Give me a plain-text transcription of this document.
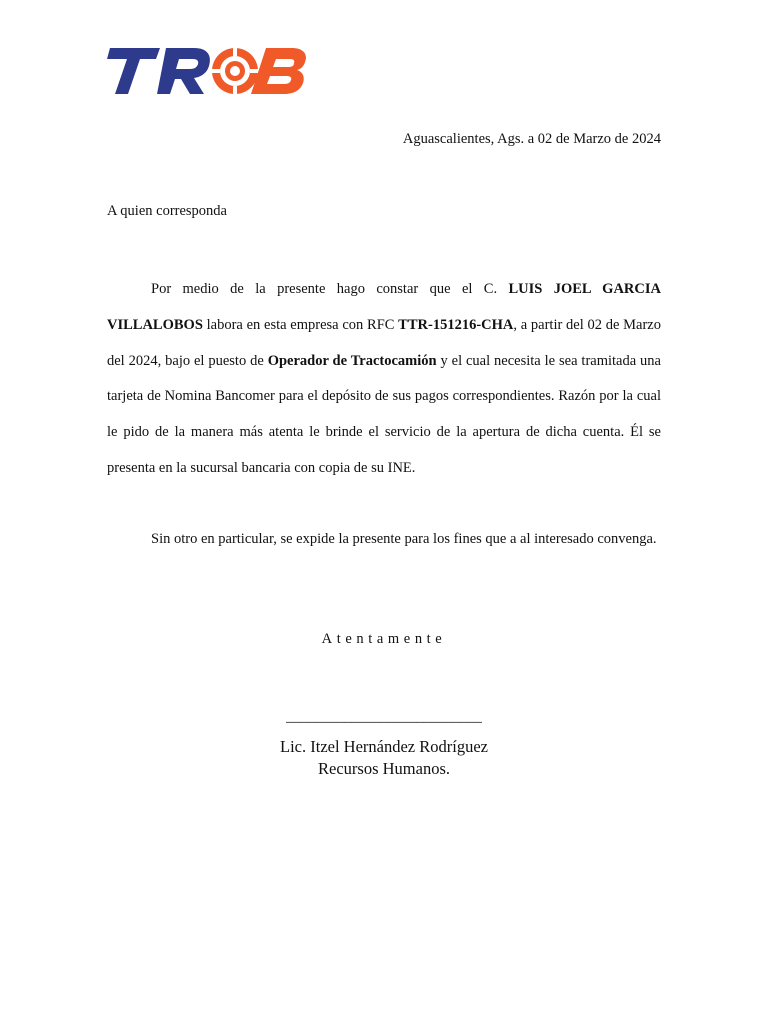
Aguascalientes, Ags. a 02 de Marzo de 2024
A quien corresponda

Por medio de la presente hago constar que el C. LUIS JOEL GARCIA VILLALOBOS labora en esta empresa con RFC TTR-151216-CHA, a partir del 02 de Marzo del 2024, bajo el puesto de Operador de Tractocamión y el cual necesita le sea tramitada una tarjeta de Nomina Bancomer para el depósito de sus pagos correspondientes. Razón por la cual le pido de la manera más atenta le brinde el servicio de la apertura de dicha cuenta. Él se presenta en la sucursal bancaria con copia de su INE.

Sin otro en particular, se expide la presente para los fines que a al interesado convenga.

Atentamente
___________________________
Lic. Itzel Hernández Rodríguez
Recursos Humanos.
